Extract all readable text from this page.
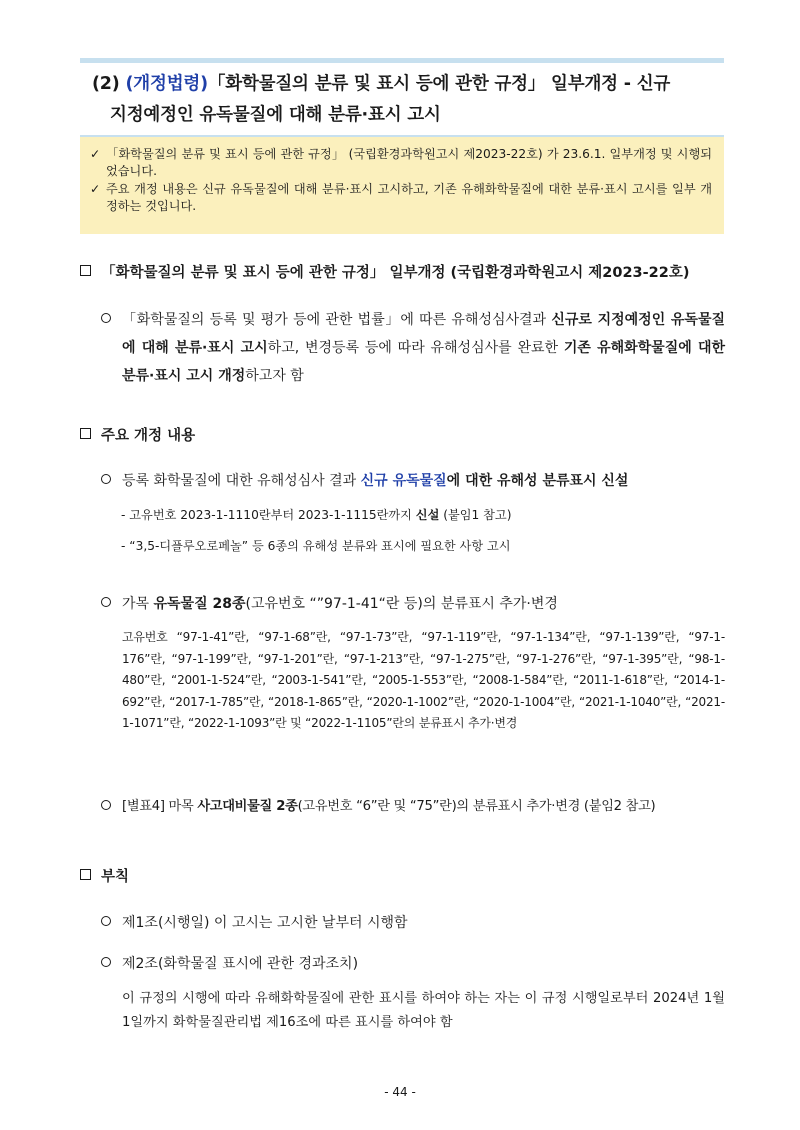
(2) (개정법령)「화학물질의 분류 및 표시 등에 관한 규정」 일부개정 - 신규
지정예정인 유독물질에 대해 분류·표시 고시
✓ 「화학물질의 분류 및 표시 등에 관한 규정」 (국립환경과학원고시 제2023-22호) 가 23.6.1. 일부개정 및 시행되었습니다.
✓ 주요 개정 내용은 신규 유독물질에 대해 분류·표시 고시하고, 기존 유해화학물질에 대한 분류·표시 고시를 일부 개정하는 것입니다.
「화학물질의 분류 및 표시 등에 관한 규정」 일부개정 (국립환경과학원고시 제2023-22호)
「화학물질의 등록 및 평가 등에 관한 법률」에 따른 유해성심사결과 신규로 지정예정인 유독물질에 대해 분류·표시 고시하고, 변경등록 등에 따라 유해성심사를 완료한 기존 유해화학물질에 대한 분류·표시 고시 개정하고자 함
주요 개정 내용
등록 화학물질에 대한 유해성심사 결과 신규 유독물질에 대한 유해성 분류표시 신설
- 고유번호 2023-1-1110란부터 2023-1-1115란까지 신설 (붙임1 참고)
- “3,5-디플루오로페놀” 등 6종의 유해성 분류와 표시에 필요한 사항 고시
가목 유독물질 28종(고유번호 “”97-1-41“란 등)의 분류표시 추가·변경
고유번호 “97-1-41”란, “97-1-68”란, “97-1-73”란, “97-1-119”란, “97-1-134”란, “97-1-139”란, “97-1-176”란, “97-1-199”란, “97-1-201”란, “97-1-213”란, “97-1-275”란, “97-1-276”란, “97-1-395”란, “98-1-480”란, “2001-1-524”란, “2003-1-541”란, “2005-1-553”란, “2008-1-584”란, “2011-1-618”란, “2014-1-692”란, “2017-1-785”란, “2018-1-865”란, “2020-1-1002”란, “2020-1-1004”란, “2021-1-1040”란, “2021-1-1071”란, “2022-1-1093”란 및 “2022-1-1105”란의 분류표시 추가·변경
[별표4] 마목 사고대비물질 2종(고유번호 “6”란 및 “75”란)의 분류표시 추가·변경 (붙임2 참고)
부칙
제1조(시행일) 이 고시는 고시한 날부터 시행함
제2조(화학물질 표시에 관한 경과조치)
이 규정의 시행에 따라 유해화학물질에 관한 표시를 하여야 하는 자는 이 규정 시행일로부터 2024년 1월 1일까지 화학물질관리법 제16조에 따른 표시를 하여야 함
- 44 -
